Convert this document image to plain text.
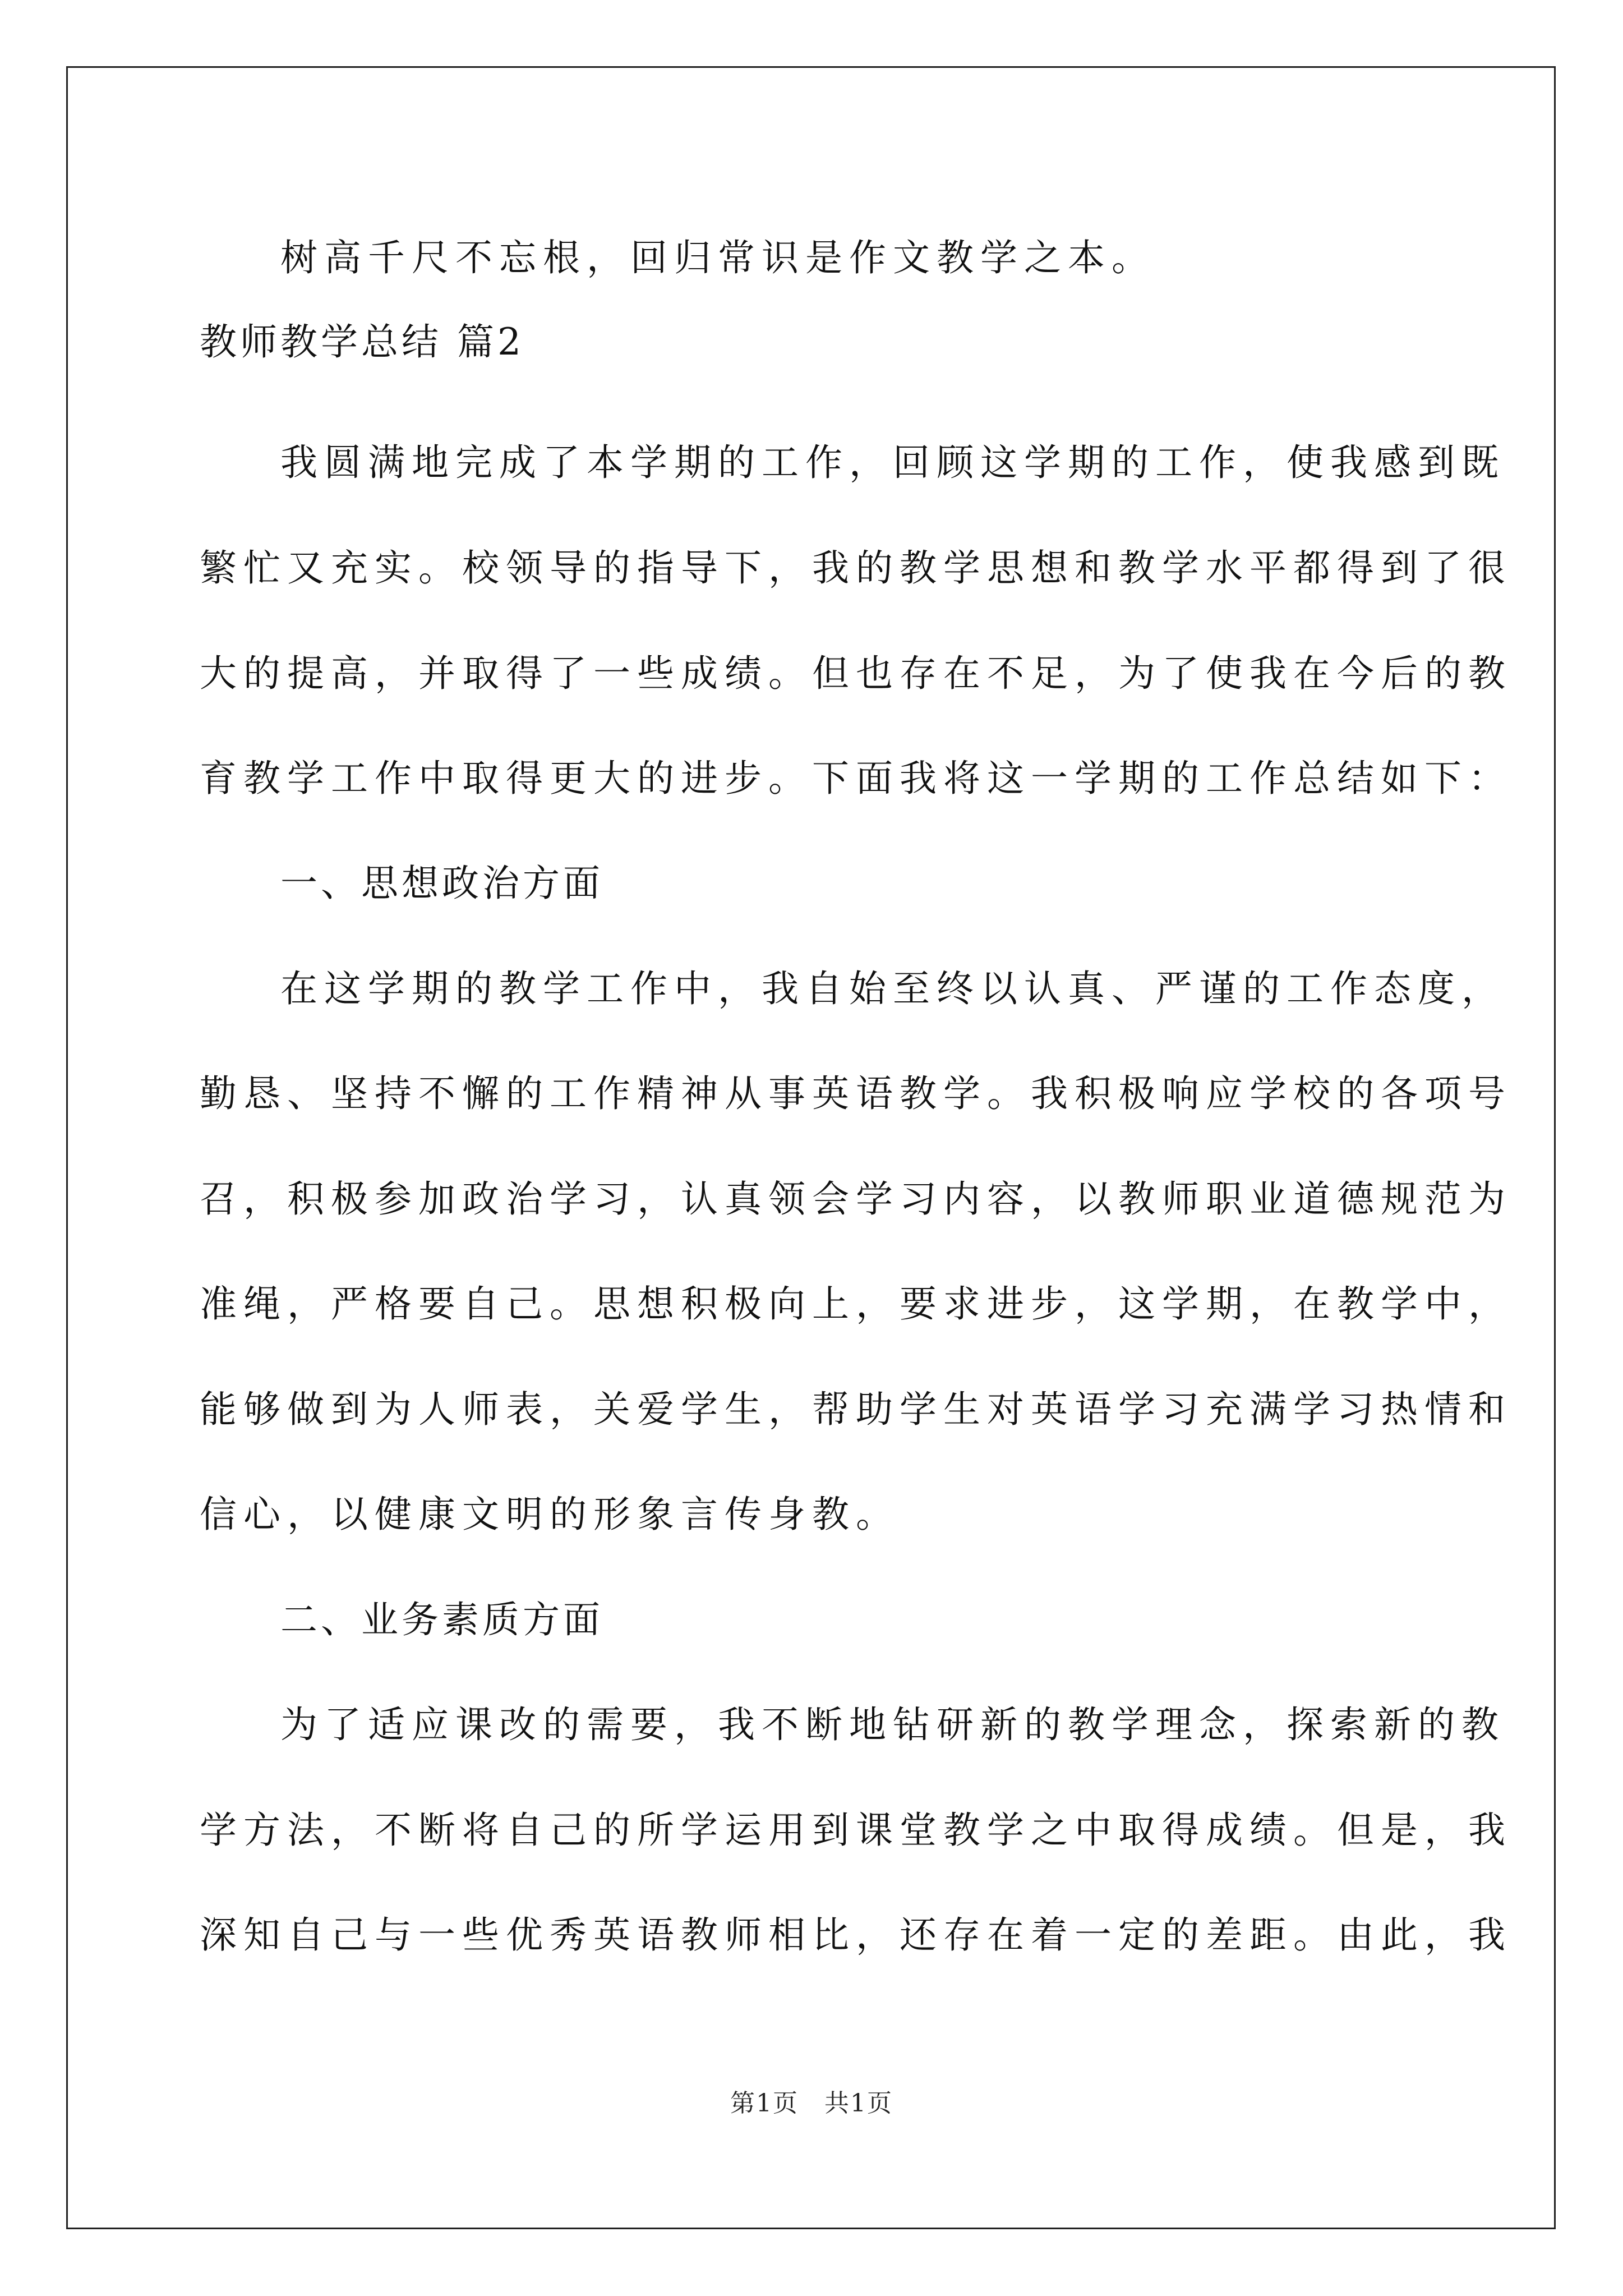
树高千尺不忘根，回归常识是作文教学之本。

教师教学总结 篇2

我圆满地完成了本学期的工作，回顾这学期的工作，使我感到既

繁忙又充实。校领导的指导下，我的教学思想和教学水平都得到了很

大的提高，并取得了一些成绩。但也存在不足，为了使我在今后的教

育教学工作中取得更大的进步。下面我将这一学期的工作总结如下：

一、思想政治方面

在这学期的教学工作中，我自始至终以认真、严谨的工作态度，

勤恳、坚持不懈的工作精神从事英语教学。我积极响应学校的各项号

召，积极参加政治学习，认真领会学习内容，以教师职业道德规范为

准绳，严格要自己。思想积极向上，要求进步，这学期，在教学中，

能够做到为人师表，关爱学生，帮助学生对英语学习充满学习热情和

信心，以健康文明的形象言传身教。

二、业务素质方面

为了适应课改的需要，我不断地钻研新的教学理念，探索新的教

学方法，不断将自己的所学运用到课堂教学之中取得成绩。但是，我

深知自己与一些优秀英语教师相比，还存在着一定的差距。由此，我

第1页　共1页
